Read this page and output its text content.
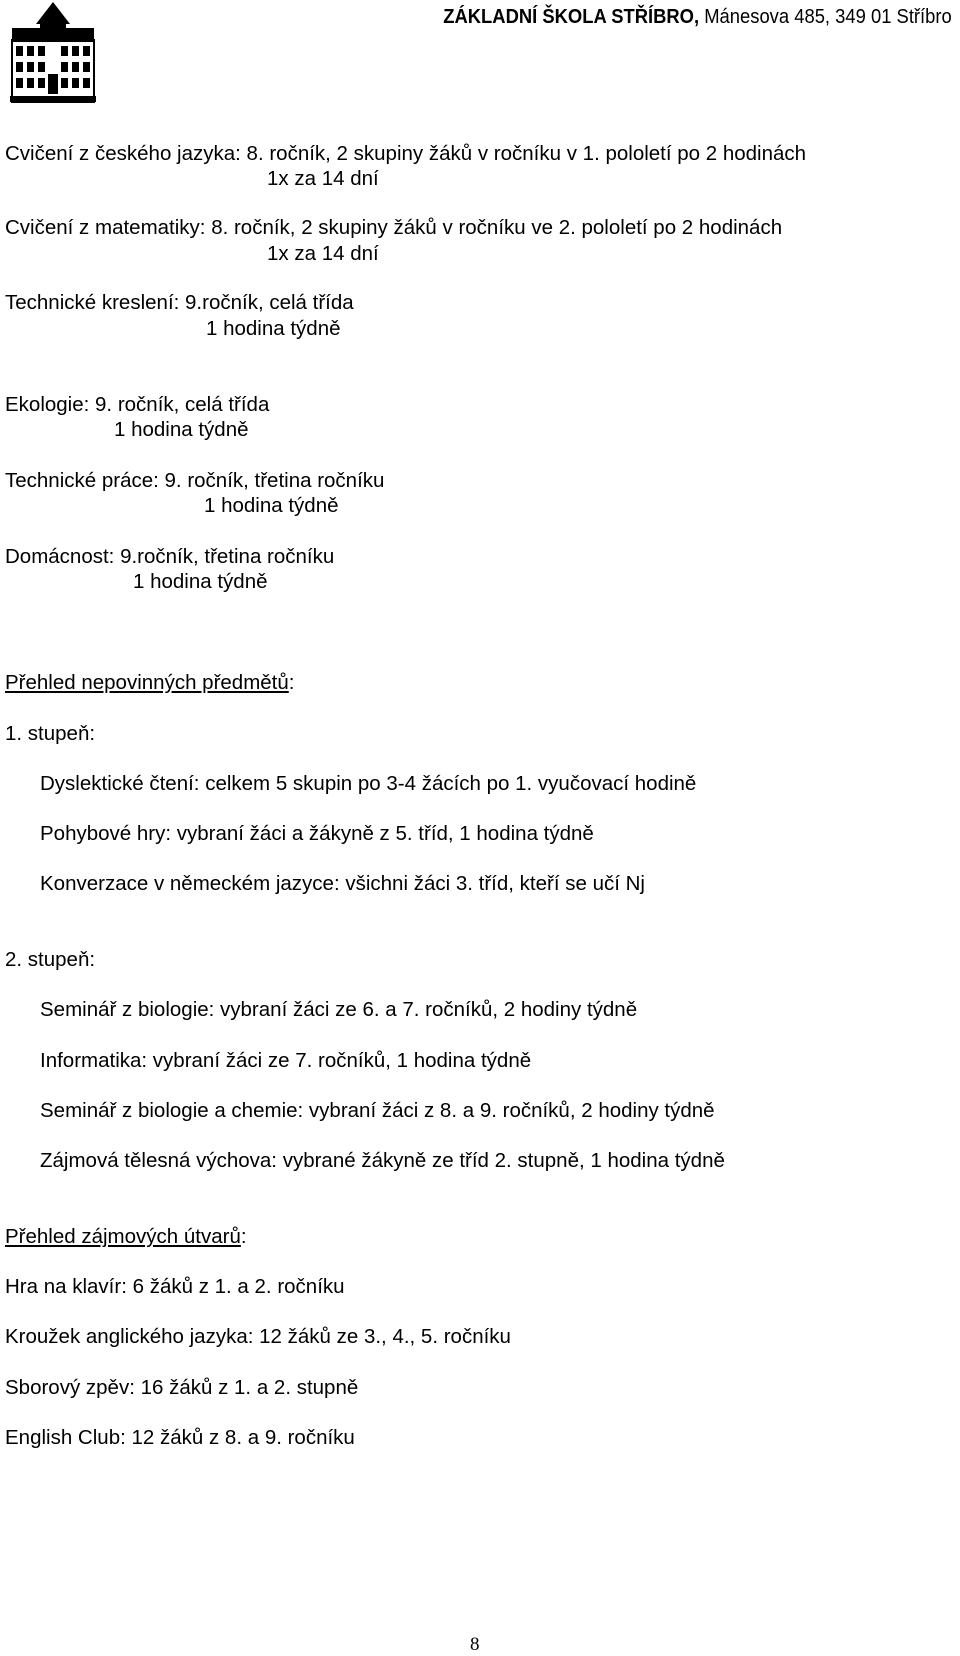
ZÁKLADNÍ ŠKOLA STŘÍBRO, Mánesova 485, 349 01 Stříbro
Cvičení z českého jazyka: 8. ročník, 2 skupiny žáků v ročníku v 1. pololetí po 2 hodinách
1x za 14 dní
Cvičení z matematiky: 8. ročník, 2 skupiny žáků v ročníku ve 2. pololetí po 2 hodinách
1x za 14 dní
Technické kreslení: 9.ročník, celá třída
1 hodina týdně
Ekologie: 9. ročník, celá třída
1 hodina týdně
Technické práce: 9. ročník, třetina ročníku
1 hodina týdně
Domácnost: 9.ročník, třetina ročníku
1 hodina týdně
Přehled nepovinných předmětů:
1. stupeň:
Dyslektické čtení: celkem 5 skupin po 3-4 žácích po 1. vyučovací hodině
Pohybové hry: vybraní žáci a žákyně z 5. tříd, 1 hodina týdně
Konverzace v německém jazyce: všichni žáci 3. tříd, kteří se učí Nj
2. stupeň:
Seminář z biologie: vybraní žáci ze 6. a 7. ročníků, 2 hodiny týdně
Informatika: vybraní žáci ze 7. ročníků, 1 hodina týdně
Seminář z biologie a chemie: vybraní žáci z 8. a 9. ročníků, 2 hodiny týdně
Zájmová tělesná výchova: vybrané žákyně ze tříd 2. stupně, 1 hodina týdně
Přehled zájmových útvarů:
Hra na klavír: 6 žáků z 1. a 2. ročníku
Kroužek anglického jazyka: 12 žáků ze 3., 4., 5. ročníku
Sborový zpěv: 16 žáků z 1. a 2. stupně
English Club: 12 žáků z 8. a 9. ročníku
8
